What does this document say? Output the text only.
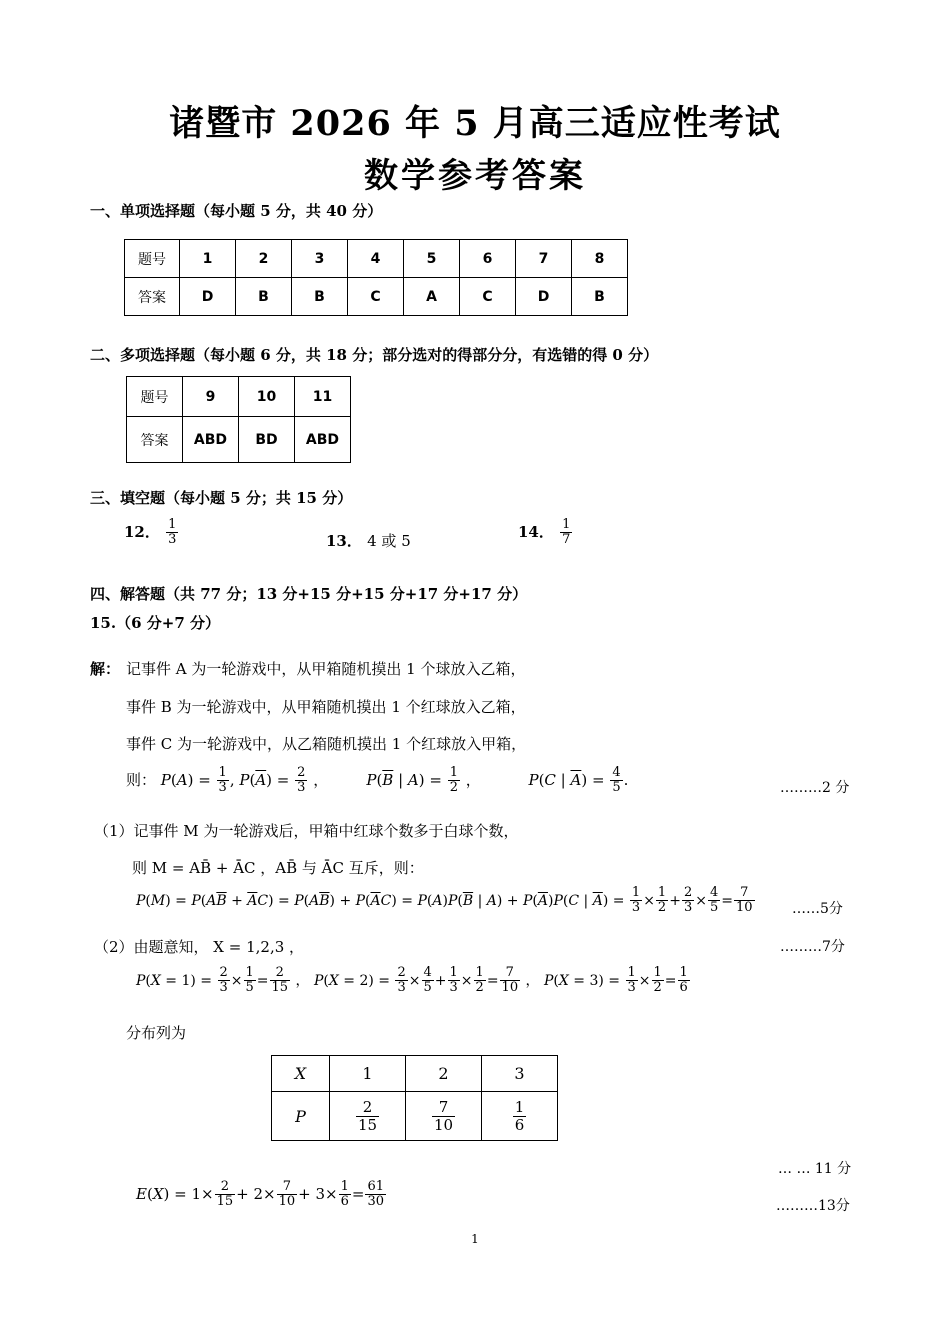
诸暨市 2026 年 5 月高三适应性考试
数学参考答案
一、单项选择题（每小题 5 分，共 40 分）
题号	1	2	3	4	5	6	7	8
答案	D	B	B	C	A	C	D	B
二、多项选择题（每小题 6 分，共 18 分；部分选对的得部分分，有选错的得 0 分）
题号	9	10	11
答案	ABD	BD	ABD
三、填空题（每小题 5 分；共 15 分）
12． $\frac{1}{3}$	13． 4 或 5
14． $\frac{1}{7}$
四、解答题（共 77 分；13 分+15 分+15 分+17 分+17 分）
15.（6 分+7 分）
解： 记事件 A 为一轮游戏中，从甲箱随机摸出 1 个球放入乙箱，
事件 B 为一轮游戏中，从甲箱随机摸出 1 个红球放入乙箱，
事件 C 为一轮游戏中，从乙箱随机摸出 1 个红球放入甲箱，
则： $P(A) = \frac{1}{3}$ , $P(\overline{A}) = \frac{2}{3}$ ，        $P(\overline{B}$ | $A) = \frac{1}{2}$ ，          P(C | $\overline{A}) = \frac{4}{5}$ .	………2 分
（1）记事件 M 为一轮游戏后，甲箱中红球个数多于白球个数，
则 M = AB̄ + ĀC ，AB̄ 与 ĀC 互斥，则：
$P(M) = P(A\overline{B} + \overline{A}C) = P(A\overline{B}) + P(\overline{A}C) = P(A)P(\overline{B}$ | $A) + P(\overline{A})P(C$ | $\overline{A}) = \frac{1}{3} \times \frac{1}{2} + \frac{2}{3} \times \frac{4}{5} = \frac{7}{10}$	……5分
（2）由题意知， X = 1,2,3 ，	………7分
$P(X = 1) = \frac{2}{3} \times \frac{1}{5} = \frac{2}{15}$ ， $P(X = 2) = \frac{2}{3} \times \frac{4}{5} + \frac{1}{3} \times \frac{1}{2} = \frac{7}{10}$ ， $P(X = 3) = \frac{1}{3} \times \frac{1}{2} = \frac{1}{6}$
分布列为
X	1	2	3
P	$\frac{2}{15}$	$\frac{7}{10}$	$\frac{1}{6}$
… … 11 分
$E(X) = 1\times \frac{2}{15} + 2\times \frac{7}{10} + 3\times \frac{1}{6} = \frac{61}{30}$	………13分
1
